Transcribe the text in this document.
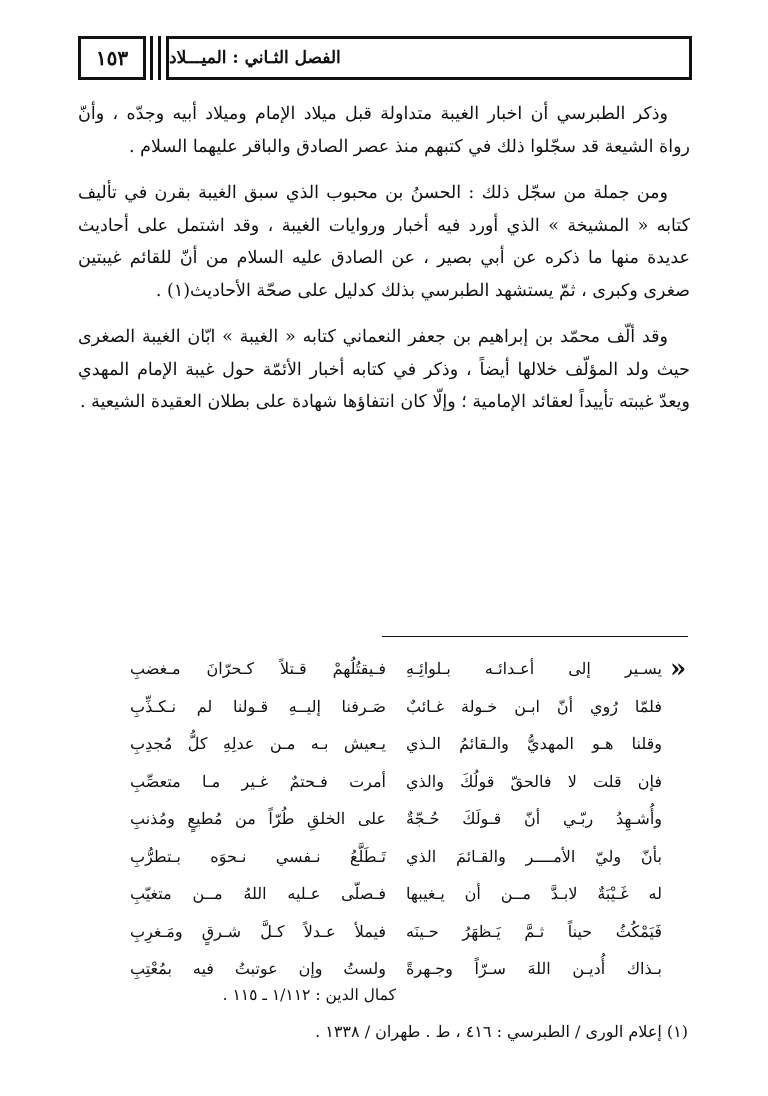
١٥٣	الفصل الثـاني : الميـــلاد

وذكر الطبرسي أن اخبار الغيبة متداولة قبل ميلاد الإمام وميلاد أبيه وجدّه ، وأنّ رواة الشيعة قد سجّلوا ذلك في كتبهم منذ عصر الصادق والباقر عليهما السلام .

ومن جملة من سجّل ذلك : الحسنُ بن محبوب الذي سبق الغيبة بقرن في تأليف كتابه « المشيخة » الذي أورد فيه أخبار وروايات الغيبة ، وقد اشتمل على أحاديث عديدة منها ما ذكره عن أبي بصير ، عن الصادق عليه السلام من أنّ للقائم غيبتين صغرى وكبرى ، ثمّ يستشهد الطبرسي بذلك كدليل على صحّة الأحاديث(١) .

وقد ألّف محمّد بن إبراهيم بن جعفر النعماني كتابه « الغيبة » ابّان الغيبة الصغرى حيث ولد المؤلّف خلالها أيضاً ، وذكر في كتابه أخبار الأئمّة حول غيبة الإمام المهدي ويعدّ غيبته تأييداً لعقائد الإمامية ؛ وإلّا كان انتفاؤها شهادة على بطلان العقيدة الشيعية .

»
يسـير إلى أعـدائـه بـلوائِـهِ
فـيقتُلُهمْ قـتلاً كـحرّانَ مـغضبِ
فلمّا رُوي أنّ ابـن خـولة غـائبٌ
صَـرفنا إليــهِ قـولنا لم نـكـذِّبِ
وقلنا هـو المهديُّ والـقائمُ الـذي
يـعيش بـه مـن عدلِهِ كلُّ مُجدِبِ
فإن قلت لا فالحقّ قولُكَ والذي
أمرت فـحتمٌ غـير مـا متعصِّبِ
وأُشـهِدُ ربّـي أنّ قـولَكَ حُـجّةٌ
على الخلقِ طُرّاً من مُطيعٍ ومُذنبِ
بأنّ وليّ الأمــــر والقـائمَ الذي
تَـطَلَّعُ نـفسي نـحوَه بـتطرُّبِ
له غَـيْبَةٌ لابـدَّ مــن أن يـغيبها
فـصلّى عـليه اللهُ مــن متغيّبِ
فَيَمْكُثُ حيناً ثـمَّ يَـظهَرُ حـينَه
فيملأ عـدلاً كـلَّ شـرقٍ ومَـغرِبِ
بـذاك أُديـن اللهَ سـرّاً وجـهرةً
ولستُ وإن عوتبتُ فيه بمُعْتِبِ
كمال الدين : ١/١١٢ ـ ١١٥ .
(١) إعلام الورى / الطبرسي : ٤١٦ ، ط . طهران / ١٣٣٨ .
